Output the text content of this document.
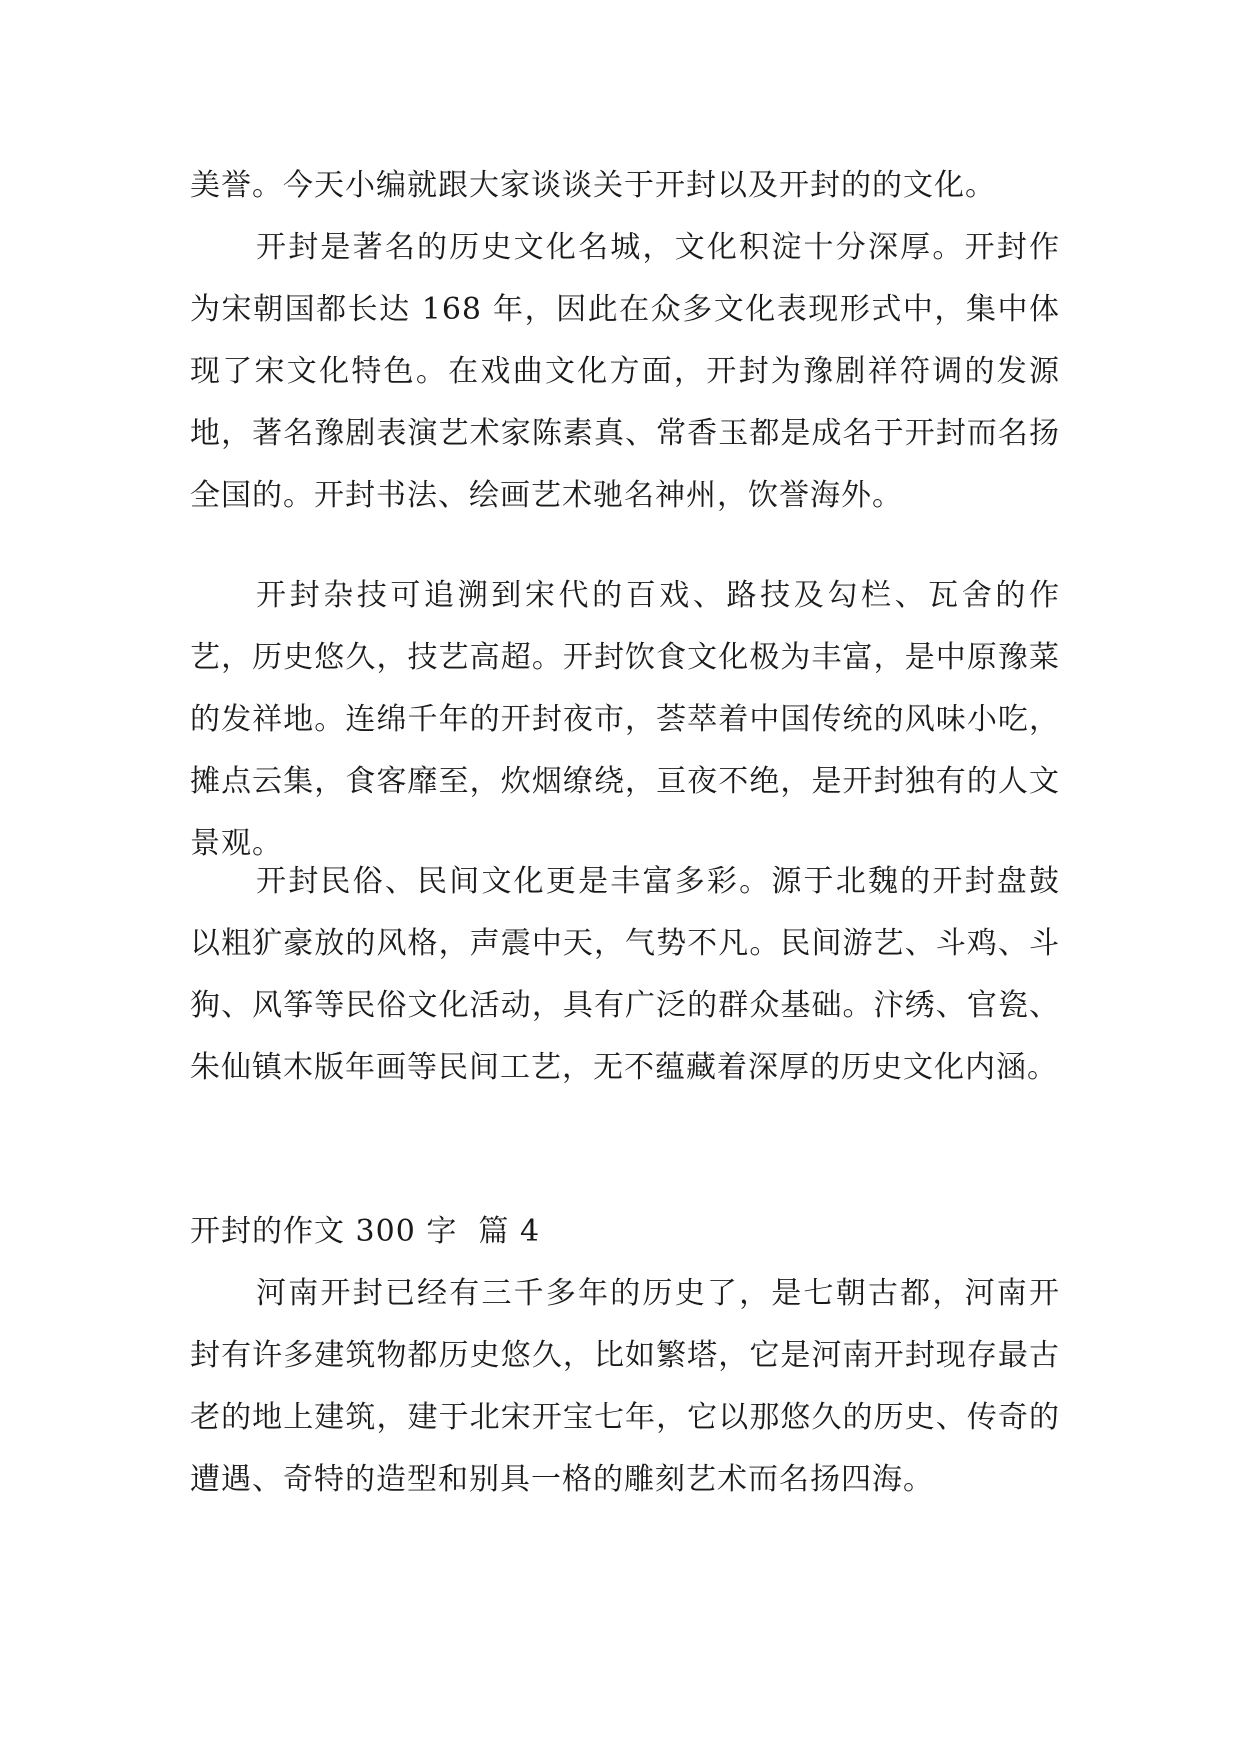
美誉。今天小编就跟大家谈谈关于开封以及开封的的文化。

开封是著名的历史文化名城，文化积淀十分深厚。开封作为宋朝国都长达 168 年，因此在众多文化表现形式中，集中体现了宋文化特色。在戏曲文化方面，开封为豫剧祥符调的发源地，著名豫剧表演艺术家陈素真、常香玉都是成名于开封而名扬全国的。开封书法、绘画艺术驰名神州，饮誉海外。

开封杂技可追溯到宋代的百戏、路技及勾栏、瓦舍的作艺，历史悠久，技艺高超。开封饮食文化极为丰富，是中原豫菜的发祥地。连绵千年的开封夜市，荟萃着中国传统的风味小吃，摊点云集，食客靡至，炊烟缭绕，亘夜不绝，是开封独有的人文景观。

开封民俗、民间文化更是丰富多彩。源于北魏的开封盘鼓以粗犷豪放的风格，声震中天，气势不凡。民间游艺、斗鸡、斗狗、风筝等民俗文化活动，具有广泛的群众基础。汴绣、官瓷、朱仙镇木版年画等民间工艺，无不蕴藏着深厚的历史文化内涵。

开封的作文 300 字  篇 4

河南开封已经有三千多年的历史了，是七朝古都，河南开封有许多建筑物都历史悠久，比如繁塔，它是河南开封现存最古老的地上建筑，建于北宋开宝七年，它以那悠久的历史、传奇的遭遇、奇特的造型和别具一格的雕刻艺术而名扬四海。
